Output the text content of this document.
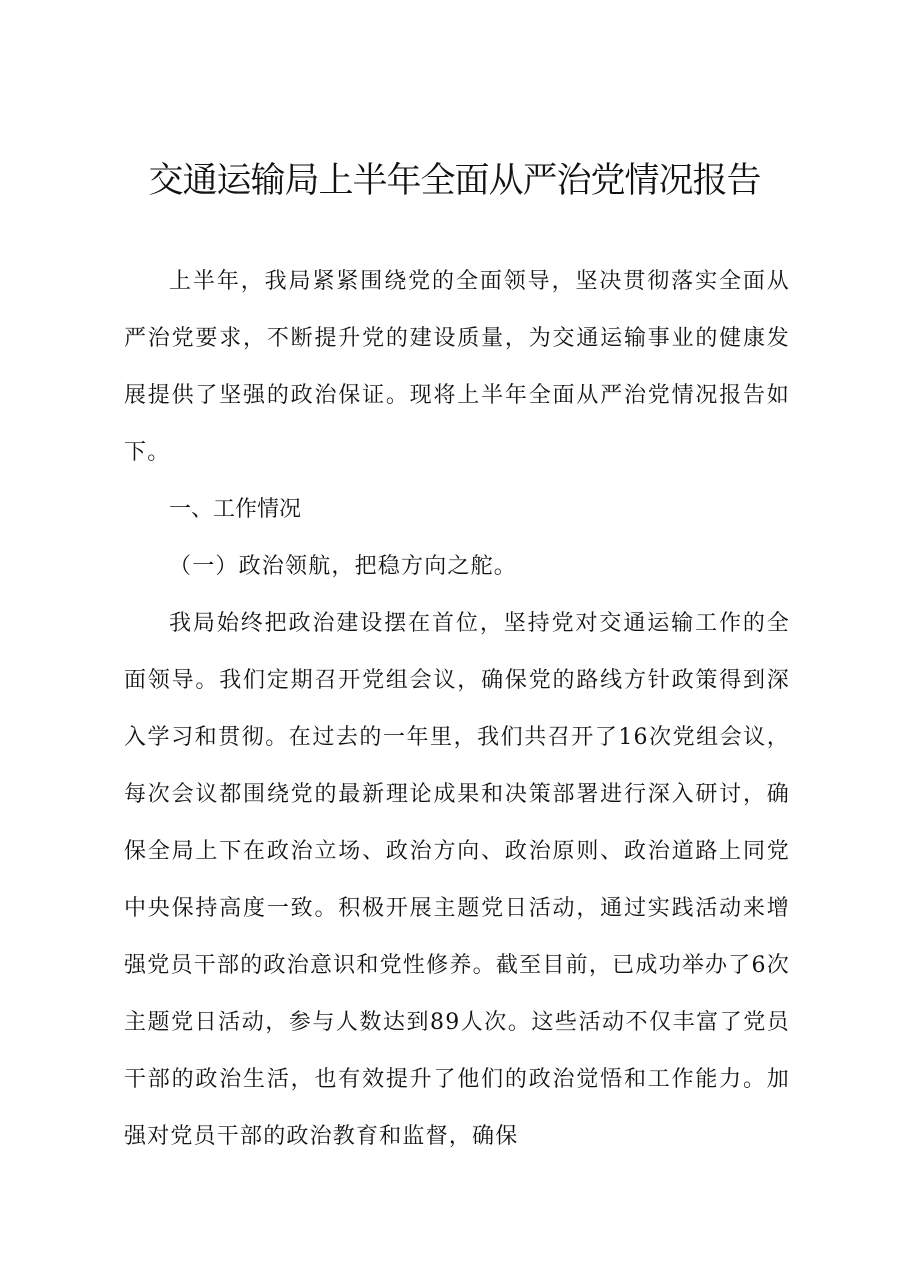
交通运输局上半年全面从严治党情况报告

上半年，我局紧紧围绕党的全面领导，坚决贯彻落实全面从严治党要求，不断提升党的建设质量，为交通运输事业的健康发展提供了坚强的政治保证。现将上半年全面从严治党情况报告如下。

一、工作情况

（一）政治领航，把稳方向之舵。

我局始终把政治建设摆在首位，坚持党对交通运输工作的全面领导。我们定期召开党组会议，确保党的路线方针政策得到深入学习和贯彻。在过去的一年里，我们共召开了16次党组会议，每次会议都围绕党的最新理论成果和决策部署进行深入研讨，确保全局上下在政治立场、政治方向、政治原则、政治道路上同党中央保持高度一致。积极开展主题党日活动，通过实践活动来增强党员干部的政治意识和党性修养。截至目前，已成功举办了6次主题党日活动，参与人数达到89人次。这些活动不仅丰富了党员干部的政治生活，也有效提升了他们的政治觉悟和工作能力。加强对党员干部的政治教育和监督，确保
